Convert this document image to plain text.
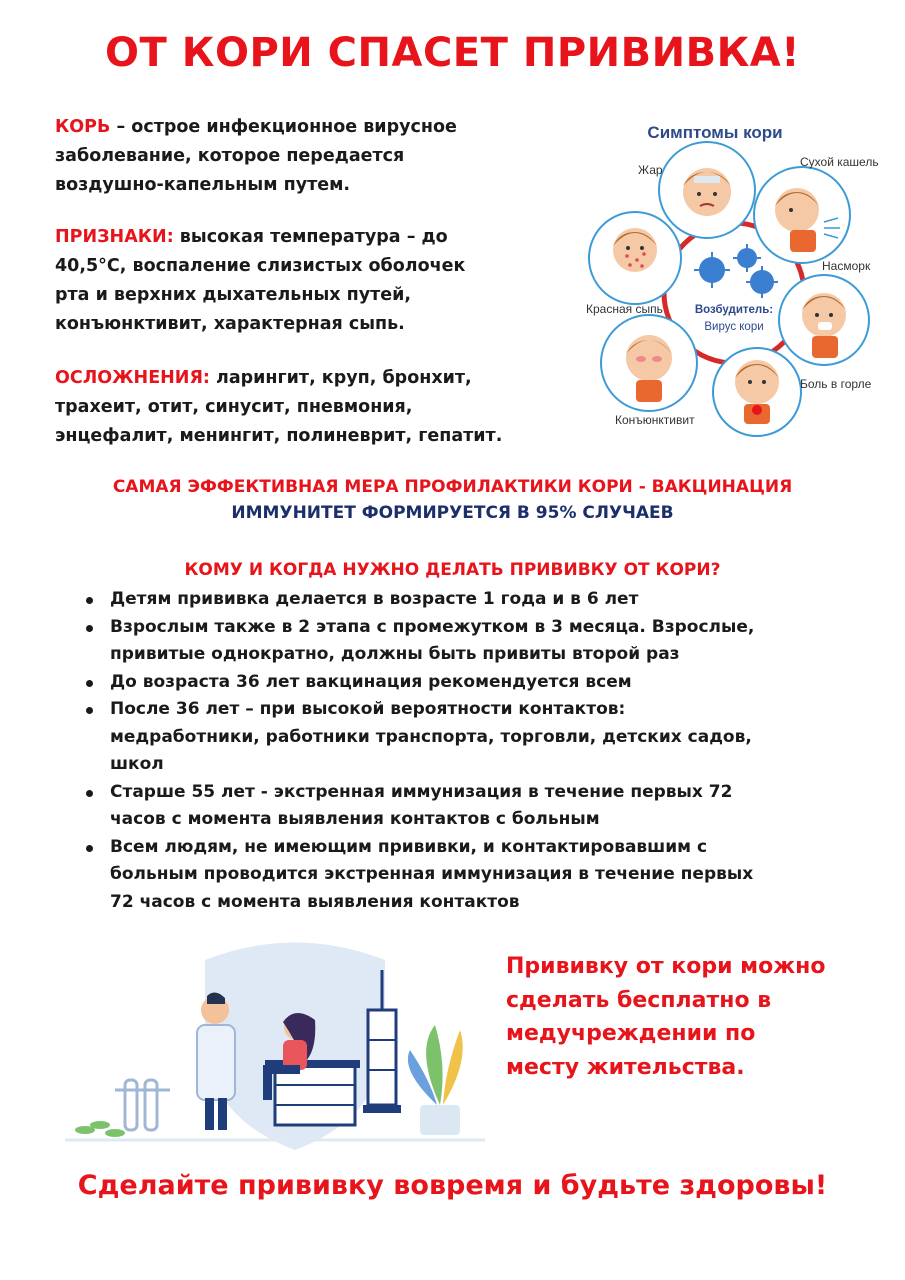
ОТ КОРИ СПАСЕТ ПРИВИВКА!
КОРЬ – острое инфекционное вирусное
заболевание, которое передается
воздушно-капельным путем.
ПРИЗНАКИ: высокая температура – до
40,5°С, воспаление слизистых оболочек
рта и верхних дыхательных путей,
конъюнктивит, характерная сыпь.
ОСЛОЖНЕНИЯ: ларингит, круп, бронхит,
трахеит, отит, синусит, пневмония,
энцефалит, менингит, полиневрит, гепатит.
Симптомы кори
Возбудитель:
Вирус кори
Жар
Сухой кашель
Насморк
Боль в горле
Конъюнктивит
Красная сыпь
САМАЯ ЭФФЕКТИВНАЯ МЕРА ПРОФИЛАКТИКИ КОРИ - ВАКЦИНАЦИЯ
ИММУНИТЕТ ФОРМИРУЕТСЯ В 95% СЛУЧАЕВ
КОМУ И КОГДА НУЖНО ДЕЛАТЬ ПРИВИВКУ ОТ КОРИ?
Детям прививка делается в возрасте 1 года и в 6 лет
Взрослым также в 2 этапа с промежутком в 3 месяца. Взрослые,
привитые однократно, должны быть привиты второй раз
До возраста 36 лет вакцинация рекомендуется всем
После 36 лет – при высокой вероятности контактов:
медработники, работники транспорта, торговли, детских садов,
школ
Старше 55 лет - экстренная иммунизация в течение первых 72
часов с момента выявления контактов с больным
Всем людям, не имеющим прививки, и контактировавшим с
больным проводится экстренная иммунизация в течение первых
72 часов с момента выявления контактов
Прививку от кори можно
сделать бесплатно в
медучреждении по
месту жительства.
Сделайте прививку вовремя и будьте здоровы!
